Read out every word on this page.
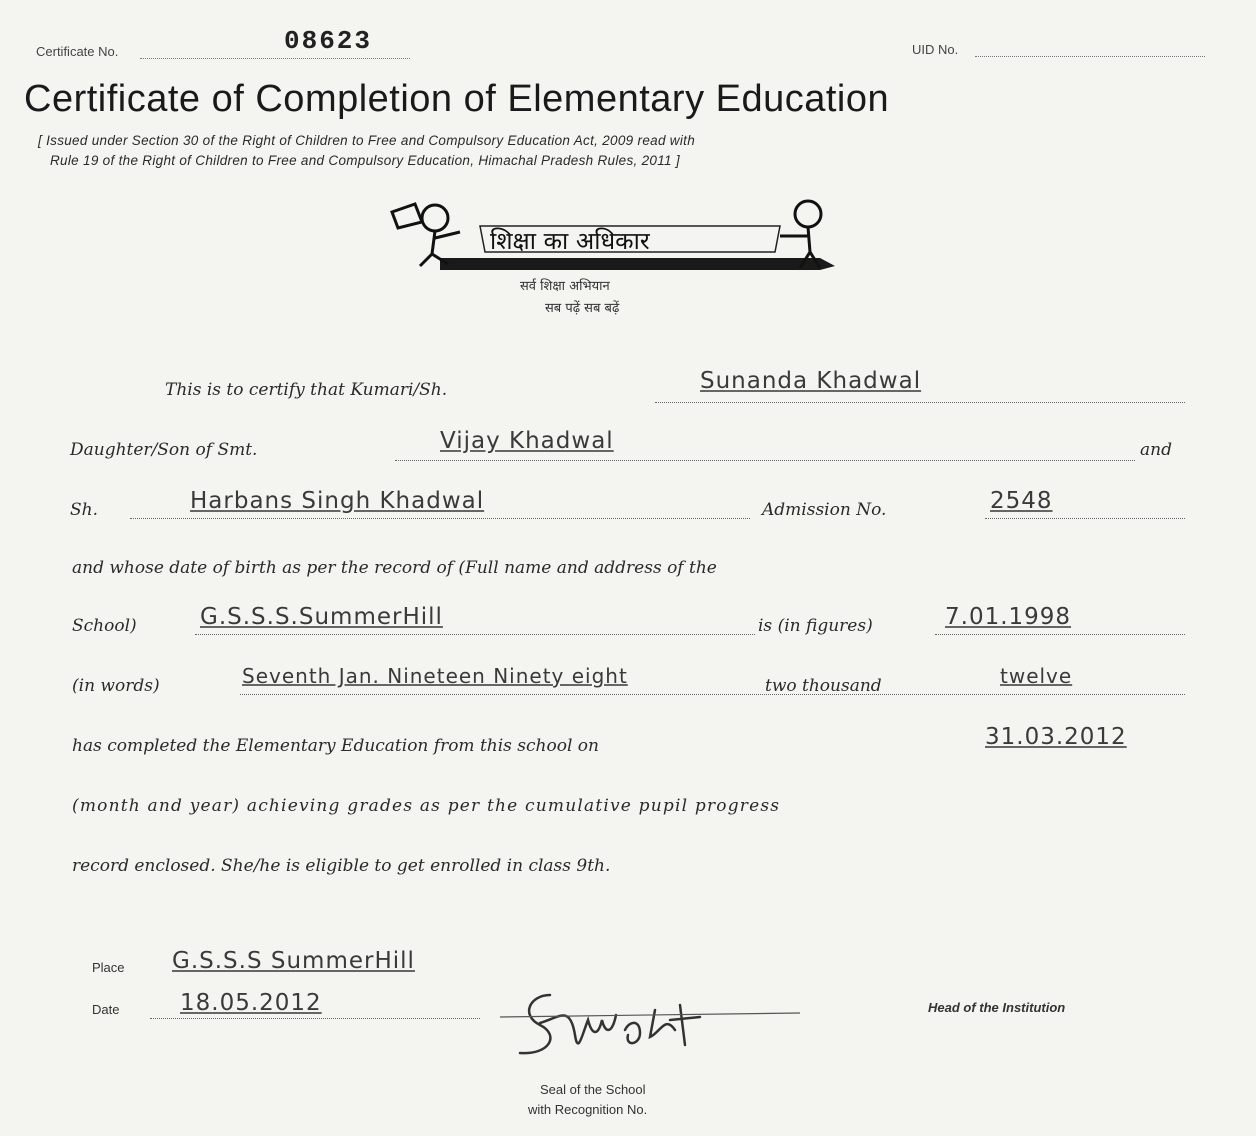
Certificate No.	08623	UID No.
Certificate of Completion of Elementary Education
[ Issued under Section 30 of the Right of Children to Free and Compulsory Education Act, 2009 read with
Rule 19 of the Right of Children to Free and Compulsory Education, Himachal Pradesh Rules, 2011 ]
शिक्षा का अधिकार
सर्व शिक्षा अभियान
सब पढ़ें सब बढ़ें
This is to certify that Kumari/Sh.	Sunanda Khadwal
Daughter/Son of Smt.	Vijay Khadwal	and
Sh.	Harbans Singh Khadwal	Admission No.	2548
and whose date of birth as per the record of (Full name and address of the
School)	G.S.S.S.SummerHill	is (in figures)	7.01.1998
(in words)	Seventh Jan. Nineteen Ninety eight	two thousand	twelve
has completed the Elementary Education from this school on	31.03.2012
(month and year) achieving grades as per the cumulative pupil progress
record enclosed. She/he is eligible to get enrolled in class 9th.
Place G.S.S.S SummerHill
Date	18.05.2012	Head of the Institution
Seal of the School
with Recognition No.
